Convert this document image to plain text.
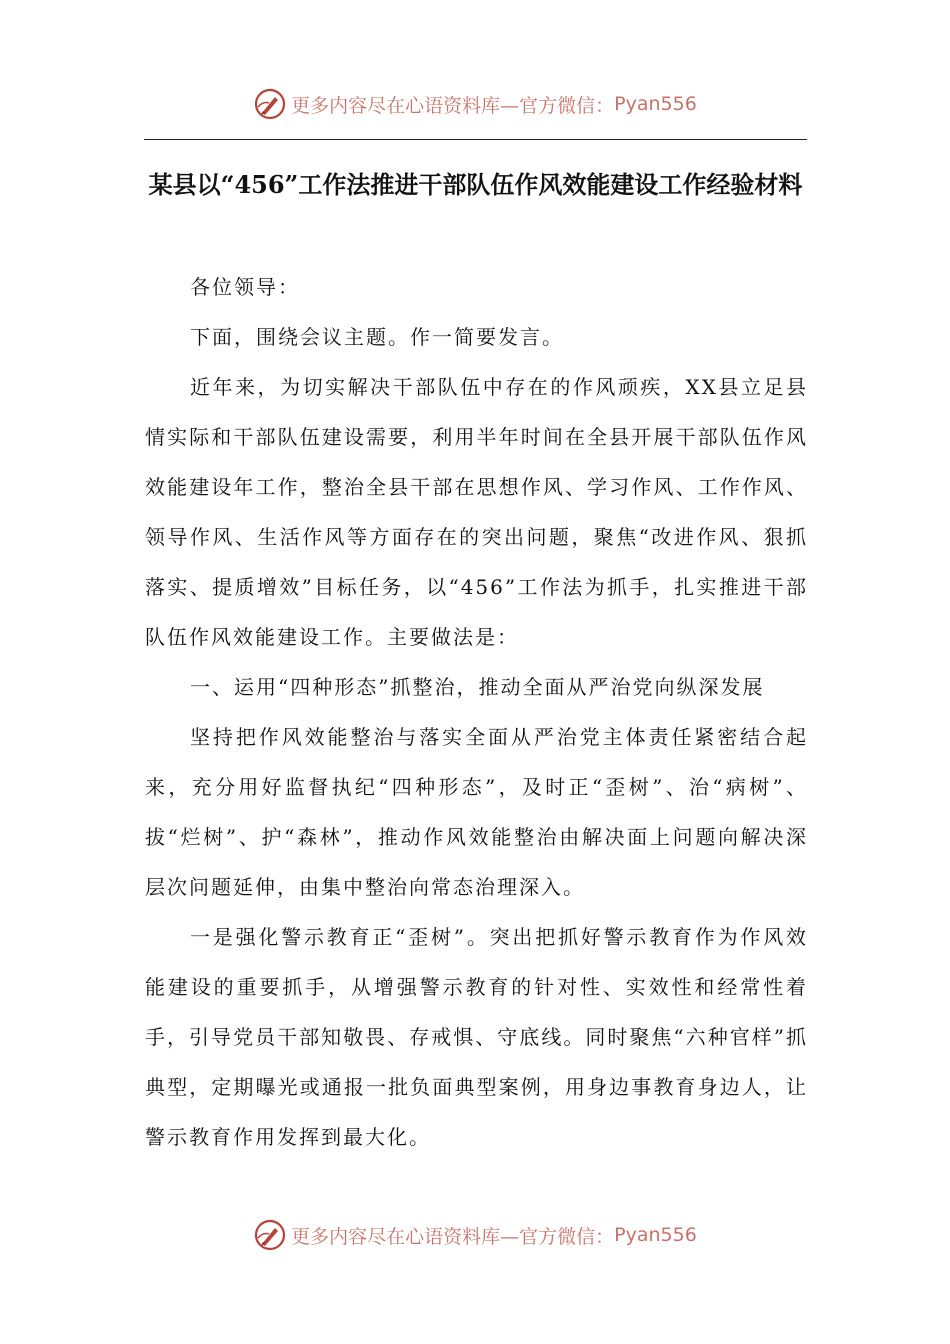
更多内容尽在心语资料库—官方微信： Pyan556
某县以“456”工作法推进干部队伍作风效能建设工作经验材料

各位领导：

下面，围绕会议主题。作一简要发言。

近年来，为切实解决干部队伍中存在的作风顽疾，XX县立足县情实际和干部队伍建设需要，利用半年时间在全县开展干部队伍作风效能建设年工作，整治全县干部在思想作风、学习作风、工作作风、领导作风、生活作风等方面存在的突出问题，聚焦“改进作风、狠抓落实、提质增效”目标任务，以“456”工作法为抓手，扎实推进干部队伍作风效能建设工作。主要做法是：

一、运用“四种形态”抓整治，推动全面从严治党向纵深发展

坚持把作风效能整治与落实全面从严治党主体责任紧密结合起来，充分用好监督执纪“四种形态”，及时正“歪树”、治“病树”、拔“烂树”、护“森林”，推动作风效能整治由解决面上问题向解决深层次问题延伸，由集中整治向常态治理深入。

一是强化警示教育正“歪树”。突出把抓好警示教育作为作风效能建设的重要抓手，从增强警示教育的针对性、实效性和经常性着手，引导党员干部知敬畏、存戒惧、守底线。同时聚焦“六种官样”抓典型，定期曝光或通报一批负面典型案例，用身边事教育身边人，让警示教育作用发挥到最大化。

更多内容尽在心语资料库—官方微信： Pyan556
